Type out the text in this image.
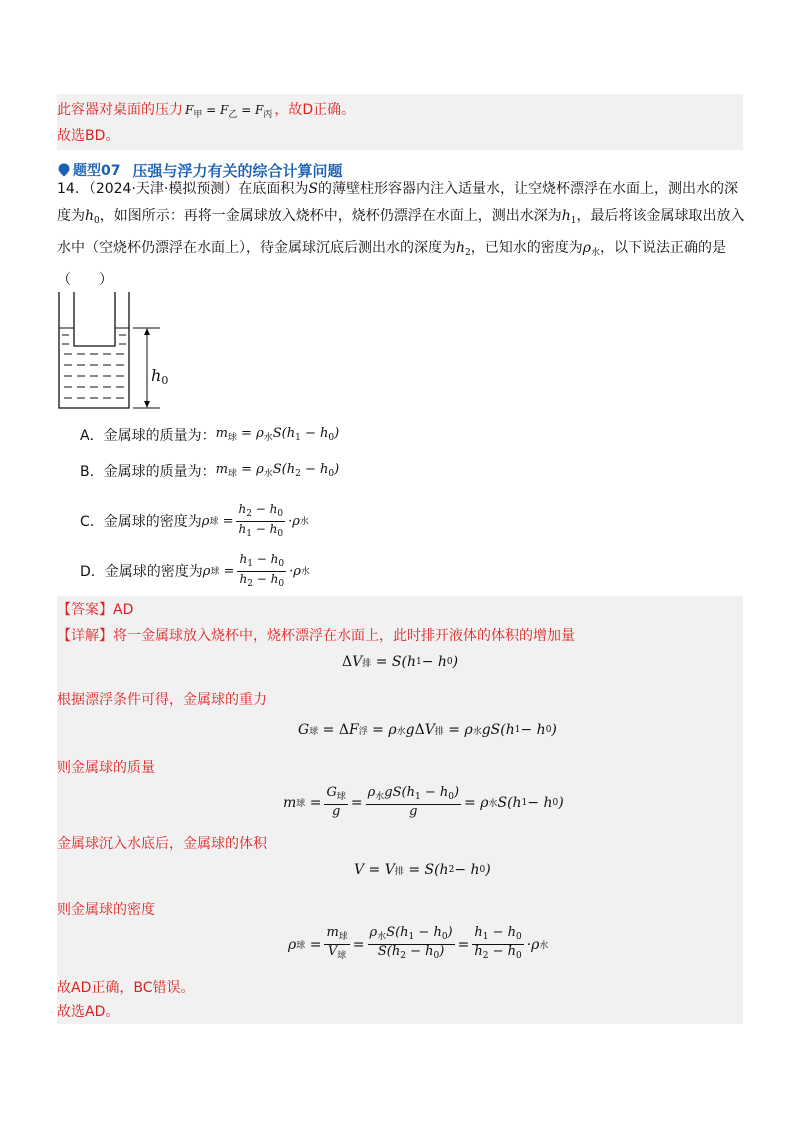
此容器对桌面的压力 $F_甲 = F_乙 = F_丙$ ，故D正确。
故选BD。
题型07 压强与浮力有关的综合计算问题
14．（2024·天津·模拟预测）在底面积为S的薄壁柱形容器内注入适量水，让空烧杯漂浮在水面上，测出水的深度为$h_0$，如图所示：再将一金属球放入烧杯中，烧杯仍漂浮在水面上，测出水深为$h_1$，最后将该金属球取出放入水中（空烧杯仍漂浮在水面上），待金属球沉底后测出水的深度为$h_2$，已知水的密度为$\rho_水$，以下说法正确的是（　　）
$h_0$
A． 金属球的质量为： $m_球 = \rho_水S(h_1 - h_0)$
B． 金属球的质量为： $m_球 = \rho_水S(h_2 - h_0)$
C． 金属球的密度为 ρ 球 = $\frac{h_2 - h_0}{h_1 - h_0} \cdot\rho$ 水
D． 金属球的密度为 ρ 球 = $\frac{h_1 - h_0}{h_2 - h_0} \cdot\rho$ 水
【答案】AD
【详解】将一金属球放入烧杯中，烧杯漂浮在水面上，此时排开液体的体积的增加量
Δ V 排 = S(h 1 − h 0 )
根据漂浮条件可得，金属球的重力
G 球 = Δ F 浮 = ρ 水 g Δ V 排 = ρ 水 gS(h 1 − h 0 )
则金属球的质量
m 球 = $\frac{G_球}{g} = \frac{\rho_水gS(h_1 - h_0)}{g} = \rho$ 水 S(h 1 − h 0 )
金属球沉入水底后，金属球的体积
V = V 排 = S(h 2 − h 0 )
则金属球的密度
ρ 球 = $\frac{m_球}{V_球} = \frac{\rho_水S(h_1 - h_0)}{S(h_2 - h_0)} = \frac{h_1 - h_0}{h_2 - h_0} \cdot\rho$ 水
故AD正确，BC错误。
故选AD。
